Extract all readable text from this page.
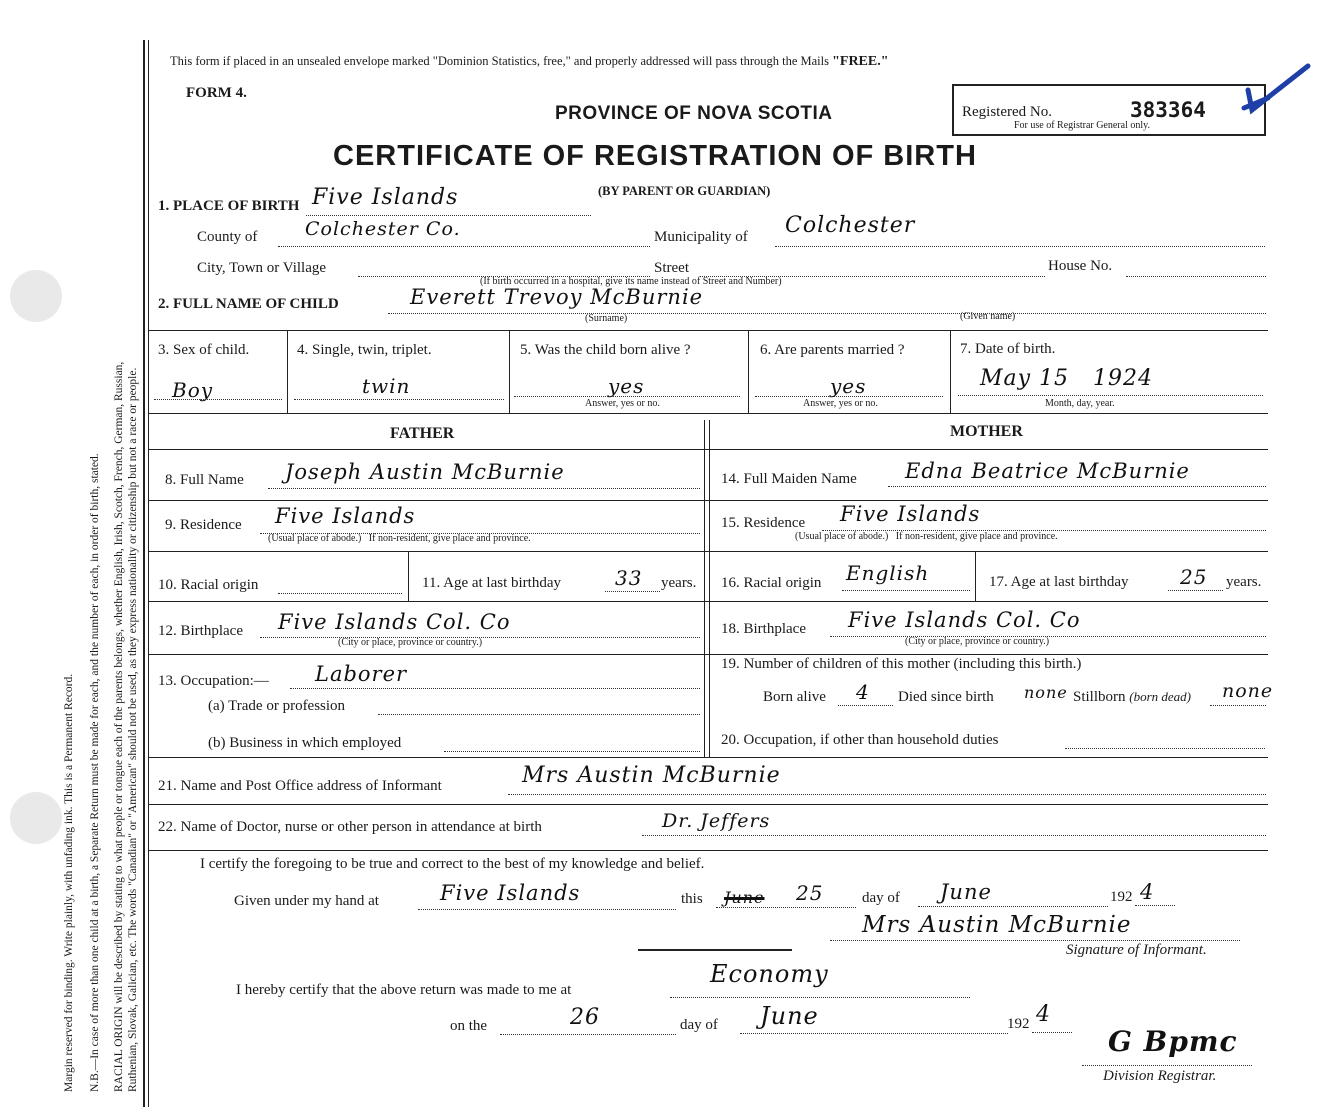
Margin reserved for binding. Write plainly, with unfading ink. This is a Permanent Record. N.B.—In case of more than one child at a birth, a Separate Return must be made for each, and the number of each, in order of birth, stated. RACIAL ORIGIN will be described by stating to what people or tongue each of the parents belongs, whether English, Irish, Scotch, French, German, Russian, Ruthenian, Slovak, Galician, etc. The words "Canadian" or "American" should not be used, as they express nationality or citizenship but not a race or people.
This form if placed in an unsealed envelope marked "Dominion Statistics, free," and properly addressed will pass through the Mails "FREE."
FORM 4.
PROVINCE OF NOVA SCOTIA	Registered No.	383364
For use of Registrar General only.
CERTIFICATE OF REGISTRATION OF BIRTH
(BY PARENT OR GUARDIAN)
1. PLACE OF BIRTH Five Islands
County of	Colchester Co.	Municipality of Colchester
City, Town or Village	Street	House No.
(If birth occurred in a hospital, give its name instead of Street and Number)
2. FULL NAME OF CHILD	Everett Trevoy McBurnie
(Surname)	(Given name)
3. Sex of child.
Boy
4. Single, twin, triplet.
twin
5. Was the child born alive ?
yes
Answer, yes or no.
6. Are parents married ?
yes
Answer, yes or no.
7. Date of birth.
May 15   1924
Month, day, year.
FATHER	MOTHER
8. Full Name Joseph Austin McBurnie
9. Residence Five Islands
(Usual place of abode.)   If non-resident, give place and province.
10. Racial origin	11. Age at last birthday	33 years.
12. Birthplace Five Islands Col. Co
(City or place, province or country.)
13. Occupation:— Laborer
(a) Trade or profession
(b) Business in which employed
14. Full Maiden Name Edna Beatrice McBurnie
15. Residence Five Islands
(Usual place of abode.)   If non-resident, give place and province.
16. Racial origin English	17. Age at last birthday	25 years.
18. Birthplace Five Islands Col. Co
(City or place, province or country.)
19. Number of children of this mother (including this birth.)
Born alive 4 Died since birth none Stillborn (born dead) none
20. Occupation, if other than household duties
21. Name and Post Office address of Informant	Mrs Austin McBurnie
22. Name of Doctor, nurse or other person in attendance at birth	Dr. Jeffers
I certify the foregoing to be true and correct to the best of my knowledge and belief.
Given under my hand at	Five Islands	this June 25	day of June	192 4
Mrs Austin McBurnie
Signature of Informant.
I hereby certify that the above return was made to me at
Economy
on the	26	day of June	192 4
G Bpmc
Division Registrar.
